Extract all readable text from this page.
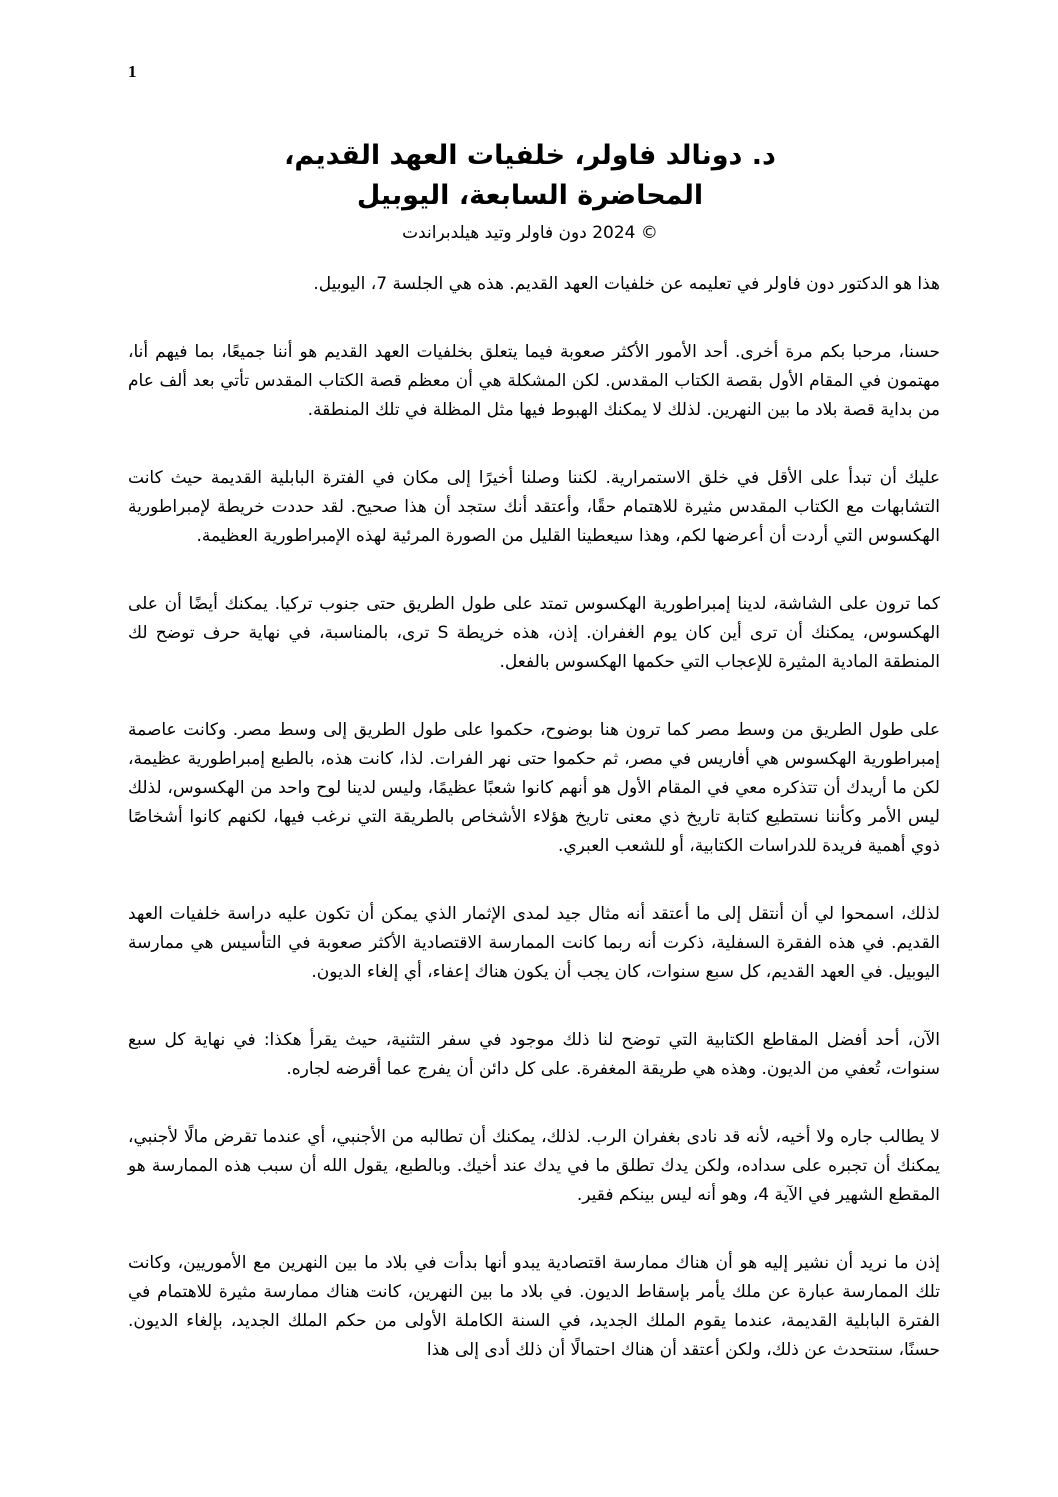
1
د. دونالد فاولر، خلفيات العهد القديم،
المحاضرة السابعة، اليوبيل
© 2024 دون فاولر وتيد هيلدبراندت

هذا هو الدكتور دون فاولر في تعليمه عن خلفيات العهد القديم. هذه هي الجلسة 7، اليوبيل.

حسنا، مرحبا بكم مرة أخرى. أحد الأمور الأكثر صعوبة فيما يتعلق بخلفيات العهد القديم هو أننا جميعًا، بما فيهم أنا، مهتمون في المقام الأول بقصة الكتاب المقدس. لكن المشكلة هي أن معظم قصة الكتاب المقدس تأتي بعد ألف عام من بداية قصة بلاد ما بين النهرين. لذلك لا يمكنك الهبوط فيها مثل المظلة في تلك المنطقة.

عليك أن تبدأ على الأقل في خلق الاستمرارية. لكننا وصلنا أخيرًا إلى مكان في الفترة البابلية القديمة حيث كانت التشابهات مع الكتاب المقدس مثيرة للاهتمام حقًا، وأعتقد أنك ستجد أن هذا صحيح. لقد حددت خريطة لإمبراطورية الهكسوس التي أردت أن أعرضها لكم، وهذا سيعطينا القليل من الصورة المرئية لهذه الإمبراطورية العظيمة.

كما ترون على الشاشة، لدينا إمبراطورية الهكسوس تمتد على طول الطريق حتى جنوب تركيا. يمكنك أيضًا أن على الهكسوس، يمكنك أن ترى أين كان يوم الغفران. إذن، هذه خريطة S ترى، بالمناسبة، في نهاية حرف توضح لك المنطقة المادية المثيرة للإعجاب التي حكمها الهكسوس بالفعل.

على طول الطريق من وسط مصر كما ترون هنا بوضوح، حكموا على طول الطريق إلى وسط مصر. وكانت عاصمة إمبراطورية الهكسوس هي أفاريس في مصر، ثم حكموا حتى نهر الفرات. لذا، كانت هذه، بالطبع إمبراطورية عظيمة، لكن ما أريدك أن تتذكره معي في المقام الأول هو أنهم كانوا شعبًا عظيمًا، وليس لدينا لوح واحد من الهكسوس، لذلك ليس الأمر وكأننا نستطيع كتابة تاريخ ذي معنى تاريخ هؤلاء الأشخاص بالطريقة التي نرغب فيها، لكنهم كانوا أشخاصًا ذوي أهمية فريدة للدراسات الكتابية، أو للشعب العبري.

لذلك، اسمحوا لي أن أنتقل إلى ما أعتقد أنه مثال جيد لمدى الإثمار الذي يمكن أن تكون عليه دراسة خلفيات العهد القديم. في هذه الفقرة السفلية، ذكرت أنه ربما كانت الممارسة الاقتصادية الأكثر صعوبة في التأسيس هي ممارسة اليوبيل. في العهد القديم، كل سبع سنوات، كان يجب أن يكون هناك إعفاء، أي إلغاء الديون.

الآن، أحد أفضل المقاطع الكتابية التي توضح لنا ذلك موجود في سفر التثنية، حيث يقرأ هكذا: في نهاية كل سبع سنوات، تُعفي من الديون. وهذه هي طريقة المغفرة. على كل دائن أن يفرج عما أقرضه لجاره.

لا يطالب جاره ولا أخيه، لأنه قد نادى بغفران الرب. لذلك، يمكنك أن تطالبه من الأجنبي، أي عندما تقرض مالًا لأجنبي، يمكنك أن تجبره على سداده، ولكن يدك تطلق ما في يدك عند أخيك. وبالطبع، يقول الله أن سبب هذه الممارسة هو المقطع الشهير في الآية 4، وهو أنه ليس بينكم فقير.

إذن ما نريد أن نشير إليه هو أن هناك ممارسة اقتصادية يبدو أنها بدأت في بلاد ما بين النهرين مع الأموريين، وكانت تلك الممارسة عبارة عن ملك يأمر بإسقاط الديون. في بلاد ما بين النهرين، كانت هناك ممارسة مثيرة للاهتمام في الفترة البابلية القديمة، عندما يقوم الملك الجديد، في السنة الكاملة الأولى من حكم الملك الجديد، بإلغاء الديون. حسنًا، سنتحدث عن ذلك، ولكن أعتقد أن هناك احتمالًا أن ذلك أدى إلى هذا
